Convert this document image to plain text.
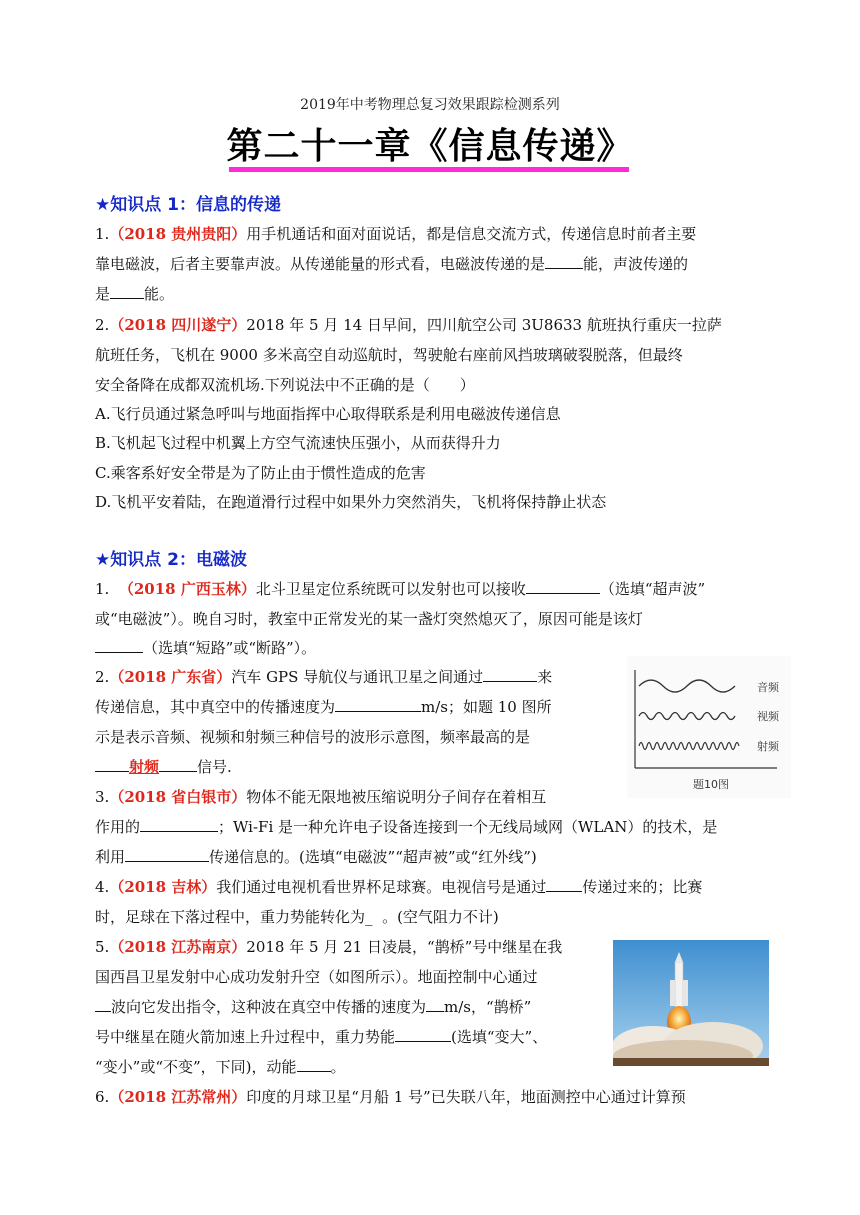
2019年中考物理总复习效果跟踪检测系列
第二十一章《信息传递》
★知识点 1：信息的传递
1.（2018 贵州贵阳）用手机通话和面对面说话，都是信息交流方式，传递信息时前者主要
靠电磁波，后者主要靠声波。从传递能量的形式看，电磁波传递的是	能，声波传递的
是 能。
2.（2018 四川遂宁）2018 年 5 月 14 日早间，四川航空公司 3U8633 航班执行重庆一拉萨
航班任务，飞机在 9000 多米高空自动巡航时，驾驶舱右座前风挡玻璃破裂脱落，但最终
安全备降在成都双流机场.下列说法中不正确的是（　　）
A.飞行员通过紧急呼叫与地面指挥中心取得联系是利用电磁波传递信息
B.飞机起飞过程中机翼上方空气流速快压强小，从而获得升力
C.乘客系好安全带是为了防止由于惯性造成的危害
D.飞机平安着陆，在跑道滑行过程中如果外力突然消失，飞机将保持静止状态
★知识点 2：电磁波
1. （2018 广西玉林）北斗卫星定位系统既可以发射也可以接收	（选填“超声波”
或“电磁波”）。晚自习时，教室中正常发光的某一盏灯突然熄灭了，原因可能是该灯
（选填“短路”或“断路”）。
2.（2018 广东省）汽车 GPS 导航仪与通讯卫星之间通过	来
传递信息，其中真空中的传播速度为	m/s；如题 10 图所
示是表示音频、视频和射频三种信号的波形示意图，频率最高的是
射频	信号.
音频
视频
射频
题10图
3.（2018 省白银市）物体不能无限地被压缩说明分子间存在着相互
作用的	；Wi-Fi 是一种允许电子设备连接到一个无线局域网（WLAN）的技术，是
利用	传递信息的。(选填“电磁波”“超声被”或“红外线”)
4.（2018 吉林）我们通过电视机看世界杯足球赛。电视信号是通过 传递过来的；比赛
时，足球在下落过程中，重力势能转化为_ 。(空气阻力不计)
5.（2018 江苏南京）2018 年 5 月 21 日凌晨，“鹊桥”号中继星在我
国西昌卫星发射中心成功发射升空（如图所示）。地面控制中心通过
波向它发出指令，这种波在真空中传播的速度为 m/s，“鹊桥”
号中继星在随火箭加速上升过程中，重力势能	(选填“变大”、
“变小”或“不变”，下同)，动能 。
6.（2018 江苏常州）印度的月球卫星“月船 1 号”已失联八年，地面测控中心通过计算预
